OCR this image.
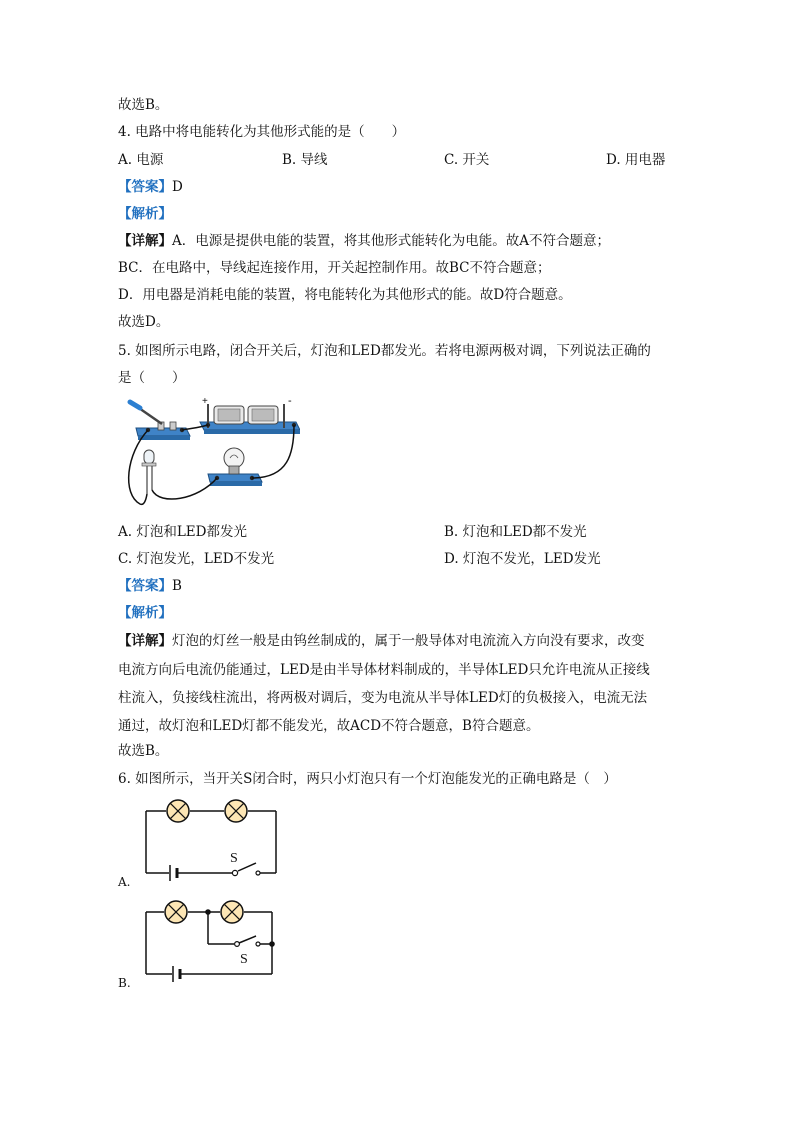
故选B。
4. 电路中将电能转化为其他形式能的是（　　）
A. 电源	B. 导线	C. 开关	D. 用电器
【答案】D
【解析】
【详解】A．电源是提供电能的装置，将其他形式能转化为电能。故A不符合题意；
BC．在电路中，导线起连接作用，开关起控制作用。故BC不符合题意；
D．用电器是消耗电能的装置，将电能转化为其他形式的能。故D符合题意。
故选D。
5. 如图所示电路，闭合开关后，灯泡和LED都发光。若将电源两极对调，下列说法正确的
是（　　）
+	-
A. 灯泡和LED都发光	B. 灯泡和LED都不发光
C. 灯泡发光，LED不发光	D. 灯泡不发光，LED发光
【答案】B
【解析】
【详解】灯泡的灯丝一般是由钨丝制成的，属于一般导体对电流流入方向没有要求，改变
电流方向后电流仍能通过，LED是由半导体材料制成的，半导体LED只允许电流从正接线
柱流入，负接线柱流出，将两极对调后，变为电流从半导体LED灯的负极接入，电流无法
通过，故灯泡和LED灯都不能发光，故ACD不符合题意，B符合题意。
故选B。
6. 如图所示，当开关S闭合时，两只小灯泡只有一个灯泡能发光的正确电路是（　）
S
A.
S
B.
